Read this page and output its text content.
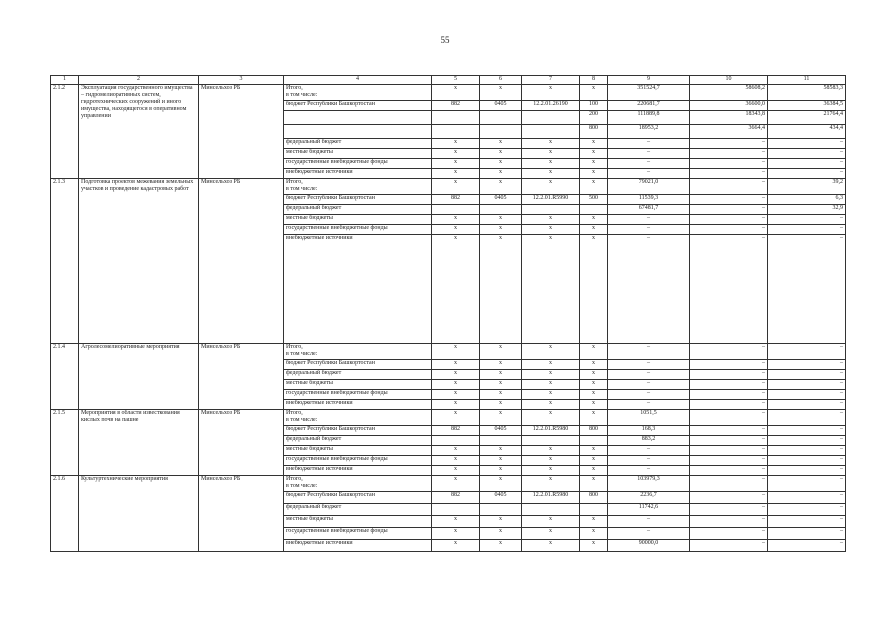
55
1	2	3	4	5	6	7	8	9	10	11
2.1.2	Эксплуатация государственного имущества – гидромелиоративных систем, гидротехнических сооружений и иного имущества, находящегося в оперативном управлении	Минсельхоз РБ	Итого,
в том числе:	x	x	x	x	351524,7	58608,2	58583,3
			бюджет Республики Башкортостан	882	0405	12.2.01.26190	100	220681,7	36600,0	36384,5
							200	111889,8	18343,8	21764,4
							800	18953,2	3664,4	434,4
			федеральный бюджет	x	x	x	x	–	–	–
			местные бюджеты	x	x	x	x	–	–	–
			государственные внебюджетные фонды	x	x	x	x	–	–	–
			внебюджетные источники	x	x	x	x	–	–	–
2.1.3	Подготовка проектов межевания земельных участков и проведение кадастровых работ	Минсельхоз РБ	Итого,
в том числе:	x	x	x	x	79021,0	–	39,2
			бюджет Республики Башкортостан	882	0405	12.2.01.R5990	500	11539,3	–	6,3
			федеральный бюджет					67481,7	–	32,9
			местные бюджеты	x	x	x	x	–	–	–
			государственные внебюджетные фонды	x	x	x	x	–	–	–
			внебюджетные источники	x	x	x	x	–	–	–
2.1.4	Агролесомелиоративные мероприятия	Минсельхоз РБ	Итого,
в том числе:	x	x	x	x	–	–	–
			бюджет Республики Башкортостан	x	x	x	x	–	–	–
			федеральный бюджет	x	x	x	x	–	–	–
			местные бюджеты	x	x	x	x	–	–	–
			государственные внебюджетные фонды	x	x	x	x	–	–	–
			внебюджетные источники	x	x	x	x	–	–	–
2.1.5	Мероприятия в области известкования кислых почв на пашне	Минсельхоз РБ	Итого,
в том числе:	x	x	x	x	1051,5	–	–
			бюджет Республики Башкортостан	882	0405	12.2.01.R5980	800	168,3	–	–
			федеральный бюджет					883,2	–	–
			местные бюджеты	x	x	x	x	–	–	–
			государственные внебюджетные фонды	x	x	x	x	–	–	–
			внебюджетные источники	x	x	x	x	–	–	–
2.1.6	Культуртехнические мероприятия	Минсельхоз РБ	Итого,
в том числе:	x	x	x	x	103979,3	–	–
			бюджет Республики Башкортостан	882	0405	12.2.01.R5980	800	2236,7	–	–
			федеральный бюджет					11742,6	–	–
			местные бюджеты	x	x	x	x	–	–	–
			государственные внебюджетные фонды	x	x	x	x	–	–	–
			внебюджетные источники	x	x	x	x	90000,0	–	–
